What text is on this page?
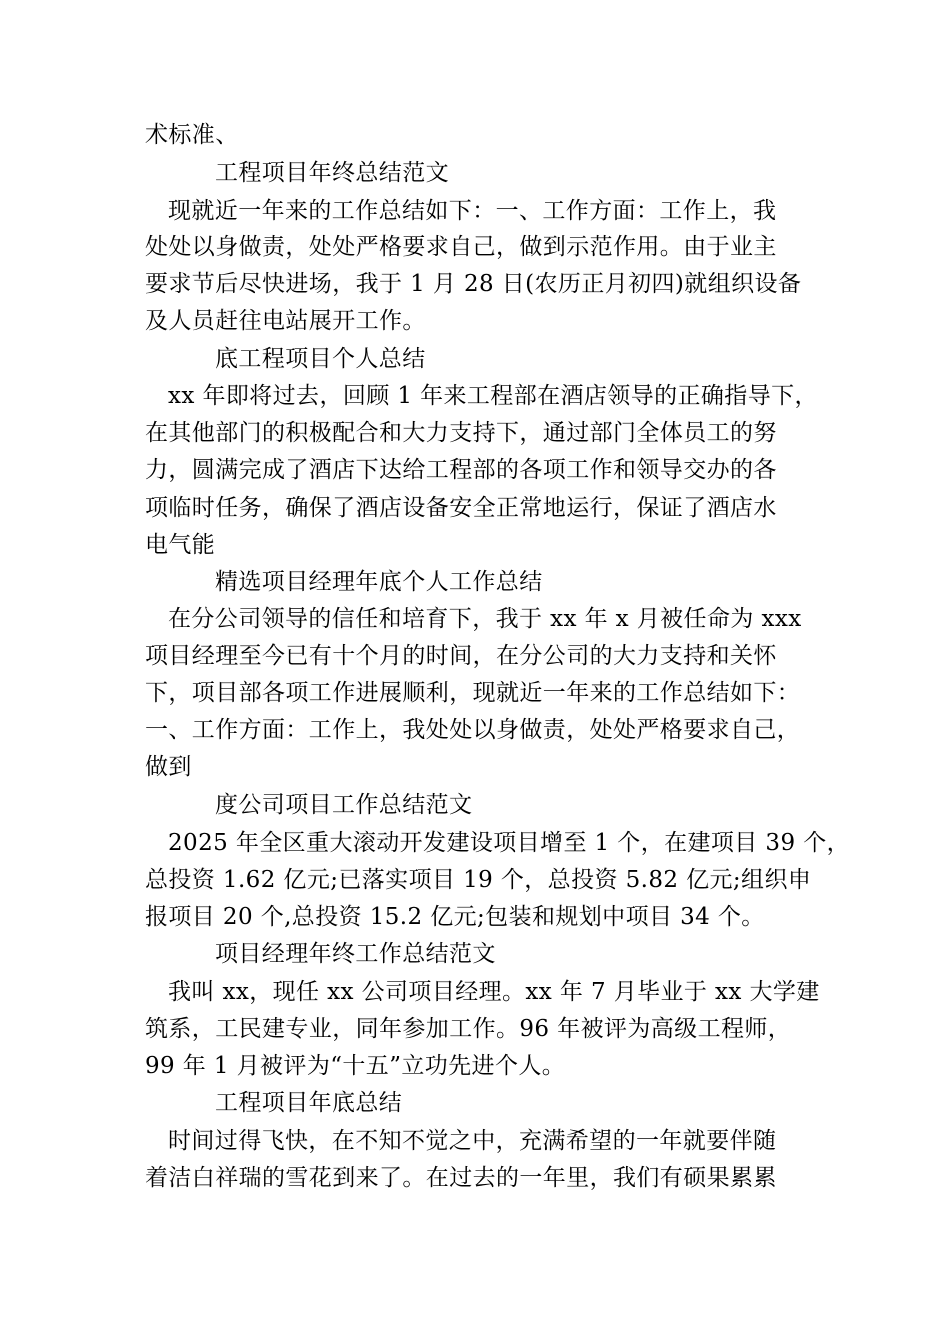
术标准、
工程项目年终总结范文
现就近一年来的工作总结如下：一、工作方面：工作上，我
处处以身做责，处处严格要求自己，做到示范作用。由于业主
要求节后尽快进场，我于 1 月 28 日(农历正月初四)就组织设备
及人员赶往电站展开工作。
底工程项目个人总结
xx 年即将过去，回顾 1 年来工程部在酒店领导的正确指导下，
在其他部门的积极配合和大力支持下，通过部门全体员工的努
力，圆满完成了酒店下达给工程部的各项工作和领导交办的各
项临时任务，确保了酒店设备安全正常地运行，保证了酒店水
电气能
精选项目经理年底个人工作总结
在分公司领导的信任和培育下，我于 xx 年 x 月被任命为 xxx
项目经理至今已有十个月的时间，在分公司的大力支持和关怀
下，项目部各项工作进展顺利，现就近一年来的工作总结如下：
一、工作方面：工作上，我处处以身做责，处处严格要求自己，
做到
度公司项目工作总结范文
2025 年全区重大滚动开发建设项目增至 1 个，在建项目 39 个，
总投资 1.62 亿元;已落实项目 19 个，总投资 5.82 亿元;组织申
报项目 20 个,总投资 15.2 亿元;包装和规划中项目 34 个。
项目经理年终工作总结范文
我叫 xx，现任 xx 公司项目经理。xx 年 7 月毕业于 xx 大学建
筑系，工民建专业，同年参加工作。96 年被评为高级工程师，
99 年 1 月被评为“十五”立功先进个人。
工程项目年底总结
时间过得飞快，在不知不觉之中，充满希望的一年就要伴随
着洁白祥瑞的雪花到来了。在过去的一年里，我们有硕果累累
